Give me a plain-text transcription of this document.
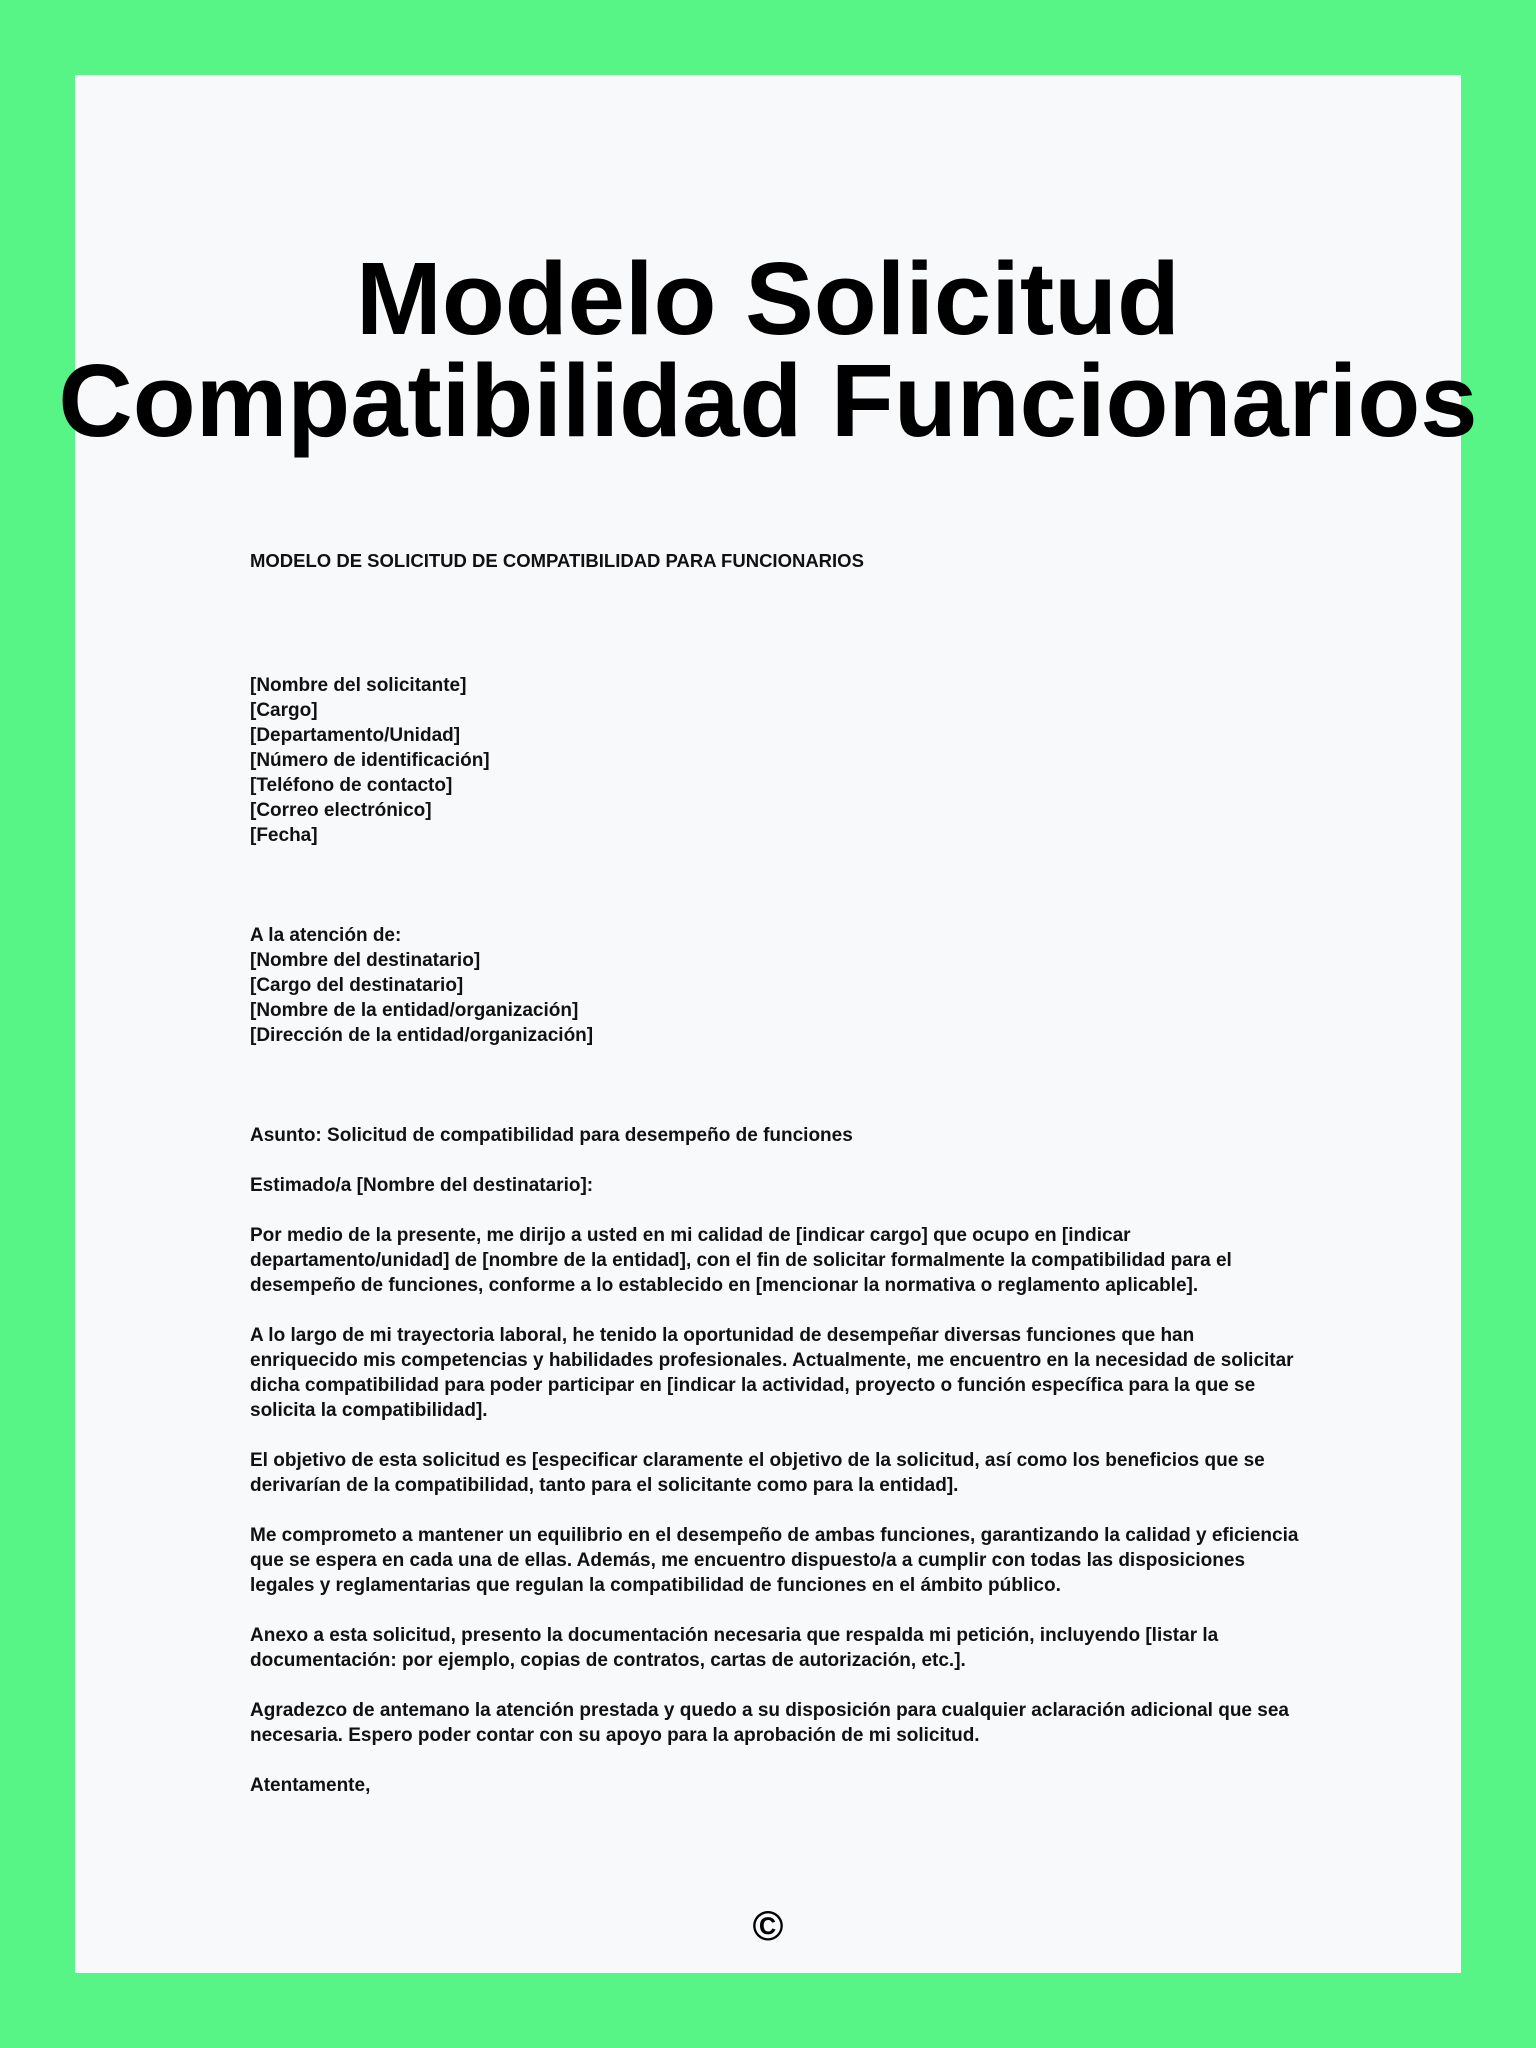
Modelo Solicitud
Compatibilidad Funcionarios

MODELO DE SOLICITUD DE COMPATIBILIDAD PARA FUNCIONARIOS

[Nombre del solicitante]
[Cargo]
[Departamento/Unidad]
[Número de identificación]
[Teléfono de contacto]
[Correo electrónico]
[Fecha]
A la atención de:
[Nombre del destinatario]
[Cargo del destinatario]
[Nombre de la entidad/organización]
[Dirección de la entidad/organización]

Asunto: Solicitud de compatibilidad para desempeño de funciones

Estimado/a [Nombre del destinatario]:

Por medio de la presente, me dirijo a usted en mi calidad de [indicar cargo] que ocupo en [indicar departamento/unidad] de [nombre de la entidad], con el fin de solicitar formalmente la compatibilidad para el desempeño de funciones, conforme a lo establecido en [mencionar la normativa o reglamento aplicable].

A lo largo de mi trayectoria laboral, he tenido la oportunidad de desempeñar diversas funciones que han enriquecido mis competencias y habilidades profesionales. Actualmente, me encuentro en la necesidad de solicitar dicha compatibilidad para poder participar en [indicar la actividad, proyecto o función específica para la que se solicita la compatibilidad].

El objetivo de esta solicitud es [especificar claramente el objetivo de la solicitud, así como los beneficios que se derivarían de la compatibilidad, tanto para el solicitante como para la entidad].

Me comprometo a mantener un equilibrio en el desempeño de ambas funciones, garantizando la calidad y eficiencia que se espera en cada una de ellas. Además, me encuentro dispuesto/a a cumplir con todas las disposiciones legales y reglamentarias que regulan la compatibilidad de funciones en el ámbito público.

Anexo a esta solicitud, presento la documentación necesaria que respalda mi petición, incluyendo [listar la documentación: por ejemplo, copias de contratos, cartas de autorización, etc.].

Agradezco de antemano la atención prestada y quedo a su disposición para cualquier aclaración adicional que sea necesaria. Espero poder contar con su apoyo para la aprobación de mi solicitud.

Atentamente,

©
